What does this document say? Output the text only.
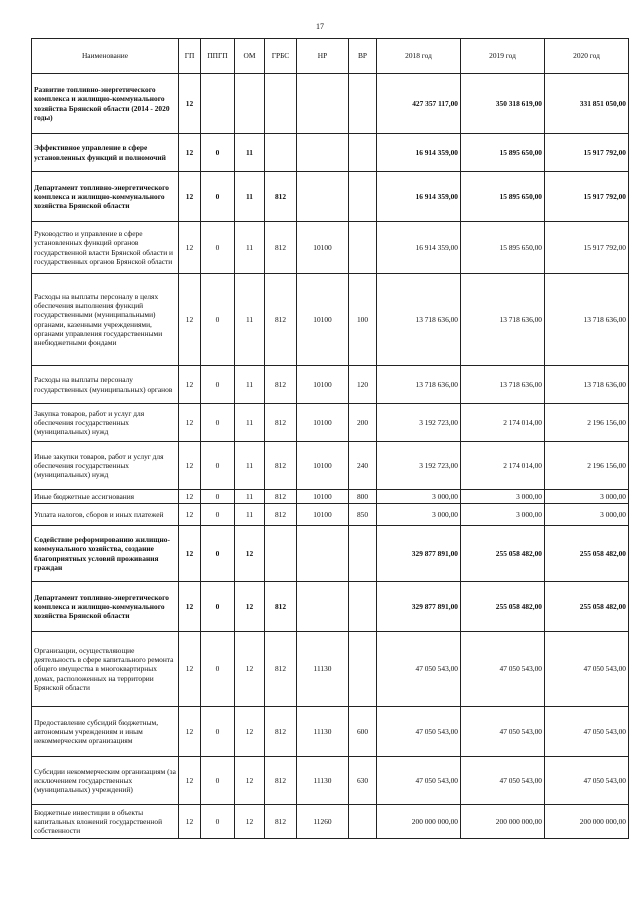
17
Наименование	ГП	ППГП	ОМ	ГРБС	НР	ВР	2018 год	2019 год	2020 год
Развитие топливно-энергетического комплекса и жилищно-коммунального хозяйства Брянской области (2014 - 2020 годы)	12						427 357 117,00	350 318 619,00	331 851 050,00
Эффективное управление в сфере установленных функций и полномочий	12	0	11				16 914 359,00	15 895 650,00	15 917 792,00
Департамент топливно-энергетического комплекса и жилищно-коммунального хозяйства Брянской области	12	0	11	812			16 914 359,00	15 895 650,00	15 917 792,00
Руководство и управление в сфере установленных функций органов государственной власти Брянской области и государственных органов Брянской области	12	0	11	812	10100		16 914 359,00	15 895 650,00	15 917 792,00
Расходы на выплаты персоналу в целях обеспечения выполнения функций государственными (муниципальными) органами, казенными учреждениями, органами управления государственными внебюджетными фондами	12	0	11	812	10100	100	13 718 636,00	13 718 636,00	13 718 636,00
Расходы на выплаты персоналу государственных (муниципальных) органов	12	0	11	812	10100	120	13 718 636,00	13 718 636,00	13 718 636,00
Закупка товаров, работ и услуг для обеспечения государственных (муниципальных) нужд	12	0	11	812	10100	200	3 192 723,00	2 174 014,00	2 196 156,00
Иные закупки товаров, работ и услуг для обеспечения государственных (муниципальных) нужд	12	0	11	812	10100	240	3 192 723,00	2 174 014,00	2 196 156,00
Иные бюджетные ассигнования	12	0	11	812	10100	800	3 000,00	3 000,00	3 000,00
Уплата налогов, сборов и иных платежей	12	0	11	812	10100	850	3 000,00	3 000,00	3 000,00
Содействие реформированию жилищно-коммунального хозяйства, создание благоприятных условий проживания граждан	12	0	12				329 877 891,00	255 058 482,00	255 058 482,00
Департамент топливно-энергетического комплекса и жилищно-коммунального хозяйства Брянской области	12	0	12	812			329 877 891,00	255 058 482,00	255 058 482,00
Организации, осуществляющие деятельность в сфере капитального ремонта общего имущества в многоквартирных домах, расположенных на территории Брянской области	12	0	12	812	11130		47 050 543,00	47 050 543,00	47 050 543,00
Предоставление субсидий бюджетным, автономным учреждениям и иным некоммерческим организациям	12	0	12	812	11130	600	47 050 543,00	47 050 543,00	47 050 543,00
Субсидии некоммерческим организациям (за исключением государственных (муниципальных) учреждений)	12	0	12	812	11130	630	47 050 543,00	47 050 543,00	47 050 543,00
Бюджетные инвестиции в объекты капитальных вложений государственной собственности	12	0	12	812	11260		200 000 000,00	200 000 000,00	200 000 000,00
